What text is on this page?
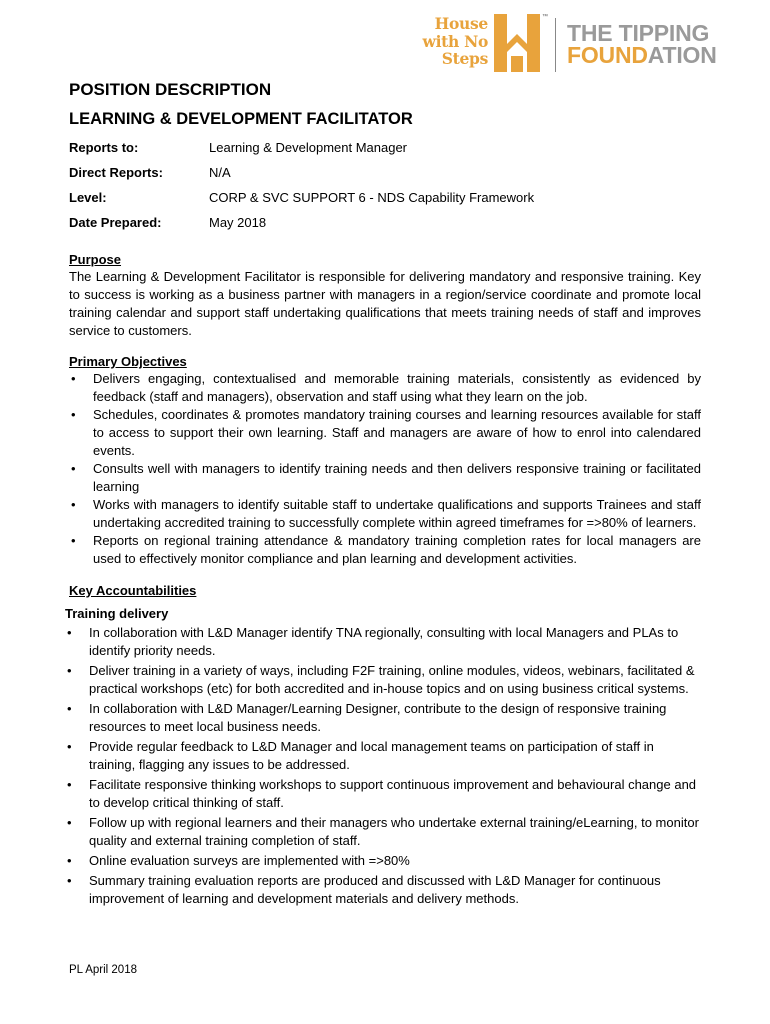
House
with No
Steps
™
THE TIPPING
FOUNDATION
POSITION DESCRIPTION
LEARNING & DEVELOPMENT FACILITATOR
Reports to:	Learning & Development Manager
Direct Reports:	N/A
Level:	CORP & SVC SUPPORT 6 - NDS Capability Framework
Date Prepared:	May 2018
Purpose

The Learning & Development Facilitator is responsible for delivering mandatory and responsive training. Key to success is working as a business partner with managers in a region/service coordinate and promote local training calendar and support staff undertaking qualifications that meets training needs of staff and improves service to customers.

Primary Objectives
• Delivers engaging, contextualised and memorable training materials, consistently as evidenced by feedback (staff and managers), observation and staff using what they learn on the job.
• Schedules, coordinates & promotes mandatory training courses and learning resources available for staff to access to support their own learning. Staff and managers are aware of how to enrol into calendared events.
• Consults well with managers to identify training needs and then delivers responsive training or facilitated learning
• Works with managers to identify suitable staff to undertake qualifications and supports Trainees and staff undertaking accredited training to successfully complete within agreed timeframes for =>80% of learners.
• Reports on regional training attendance & mandatory training completion rates for local managers are used to effectively monitor compliance and plan learning and development activities.
Key Accountabilities
Training delivery
• In collaboration with L&D Manager identify TNA regionally, consulting with local Managers and PLAs to identify priority needs.
• Deliver training in a variety of ways, including F2F training, online modules, videos, webinars, facilitated & practical workshops (etc) for both accredited and in-house topics and on using business critical systems.
• In collaboration with L&D Manager/Learning Designer, contribute to the design of responsive training resources to meet local business needs.
• Provide regular feedback to L&D Manager and local management teams on participation of staff in training, flagging any issues to be addressed.
• Facilitate responsive thinking workshops to support continuous improvement and behavioural change and to develop critical thinking of staff.
• Follow up with regional learners and their managers who undertake external training/eLearning, to monitor quality and external training completion of staff.
• Online evaluation surveys are implemented with =>80%
• Summary training evaluation reports are produced and discussed with L&D Manager for continuous improvement of learning and development materials and delivery methods.
PL April 2018
